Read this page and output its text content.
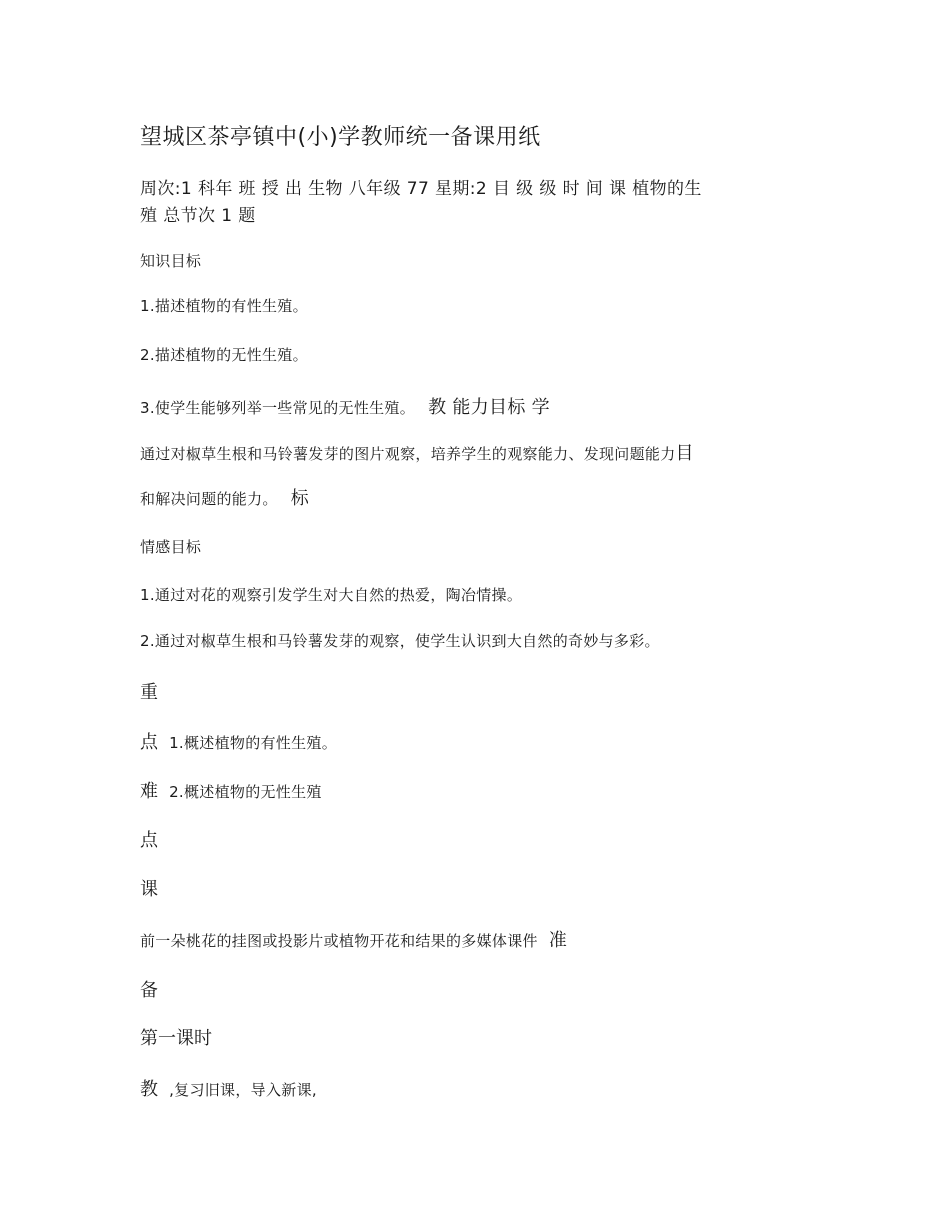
望城区茶亭镇中(小)学教师统一备课用纸
周次:1 科年 班 授 出 生物 八年级 77 星期:2 目 级 级 时 间 课 植物的生
殖 总节次 1 题
知识目标
1.描述植物的有性生殖。
2.描述植物的无性生殖。
3.使学生能够列举一些常见的无性生殖。 教 能力目标 学
通过对椒草生根和马铃薯发芽的图片观察，培养学生的观察能力、发现问题能力目
和解决问题的能力。 标
情感目标
1.通过对花的观察引发学生对大自然的热爱，陶冶情操。
2.通过对椒草生根和马铃薯发芽的观察，使学生认识到大自然的奇妙与多彩。
重
点 1.概述植物的有性生殖。
难 2.概述植物的无性生殖
点
课
前一朵桃花的挂图或投影片或植物开花和结果的多媒体课件 准
备
第一课时
教 ,复习旧课，导入新课,
